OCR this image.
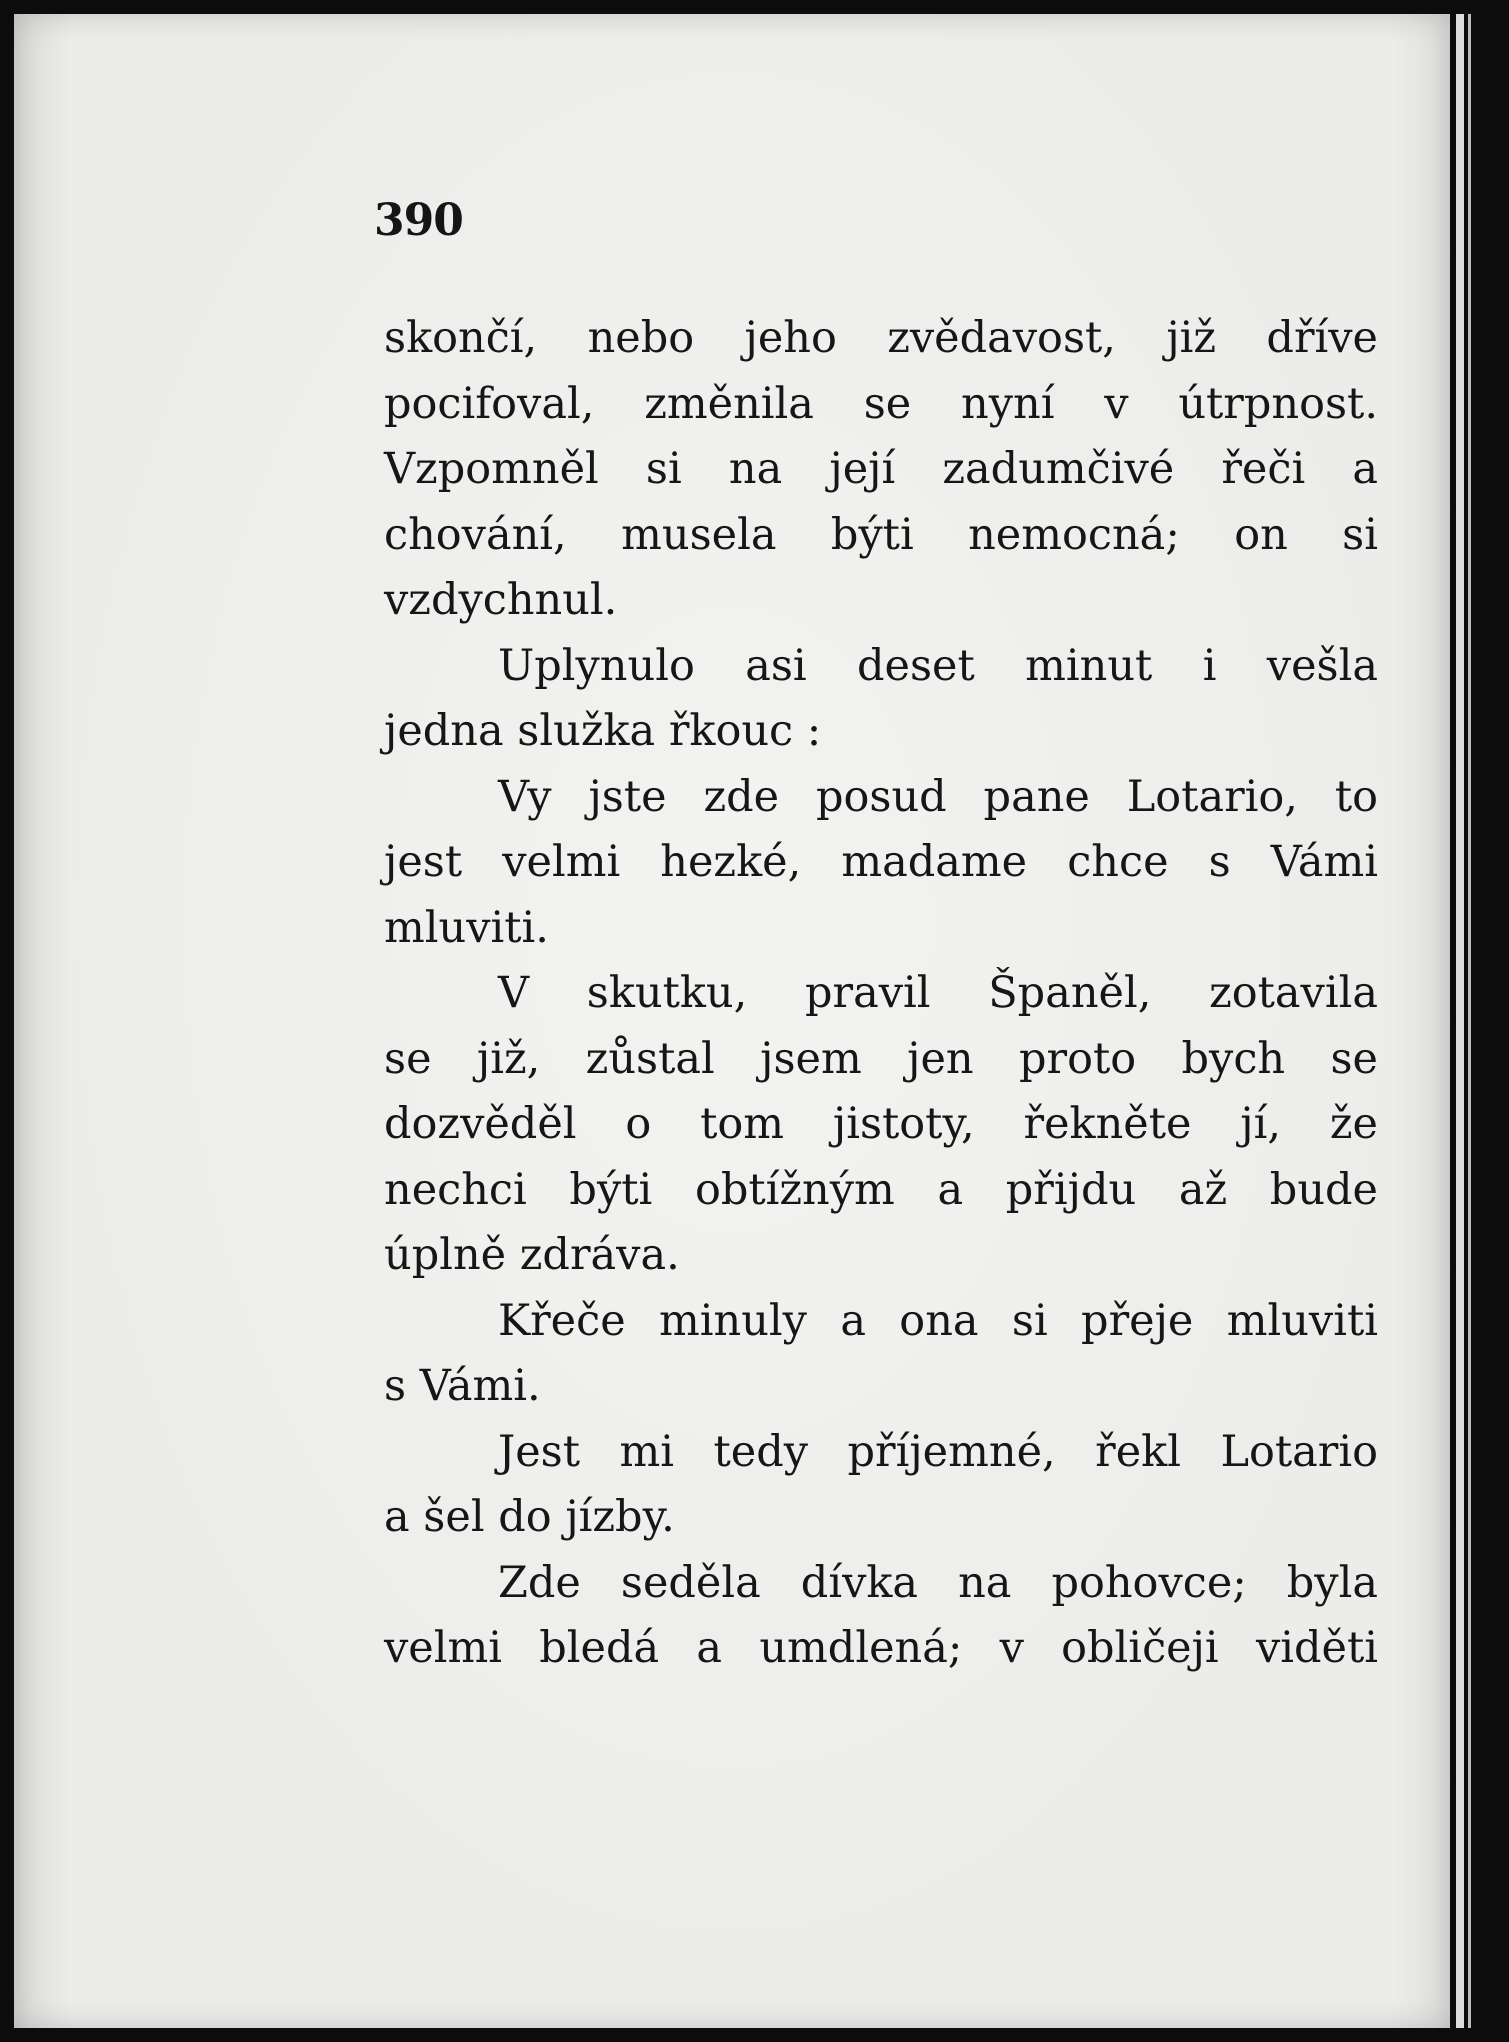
390
skončí, nebo jeho zvědavost, již dříve
pocifoval, změnila se nyní v útrpnost.
Vzpomněl si na její zadumčivé řeči a
chování, musela býti nemocná; on si
vzdychnul.
Uplynulo asi deset minut i vešla
jedna služka řkouc :
Vy jste zde posud pane Lotario, to
jest velmi hezké, madame chce s Vámi
mluviti.
V skutku, pravil Španěl, zotavila
se již, zůstal jsem jen proto bych se
dozvěděl o tom jistoty, řekněte jí, že
nechci býti obtížným a přijdu až bude
úplně zdráva.
Křeče minuly a ona si přeje mluviti
s Vámi.
Jest mi tedy příjemné, řekl Lotario
a šel do jízby.
Zde seděla dívka na pohovce; byla
velmi bledá a umdlená; v obličeji viděti
